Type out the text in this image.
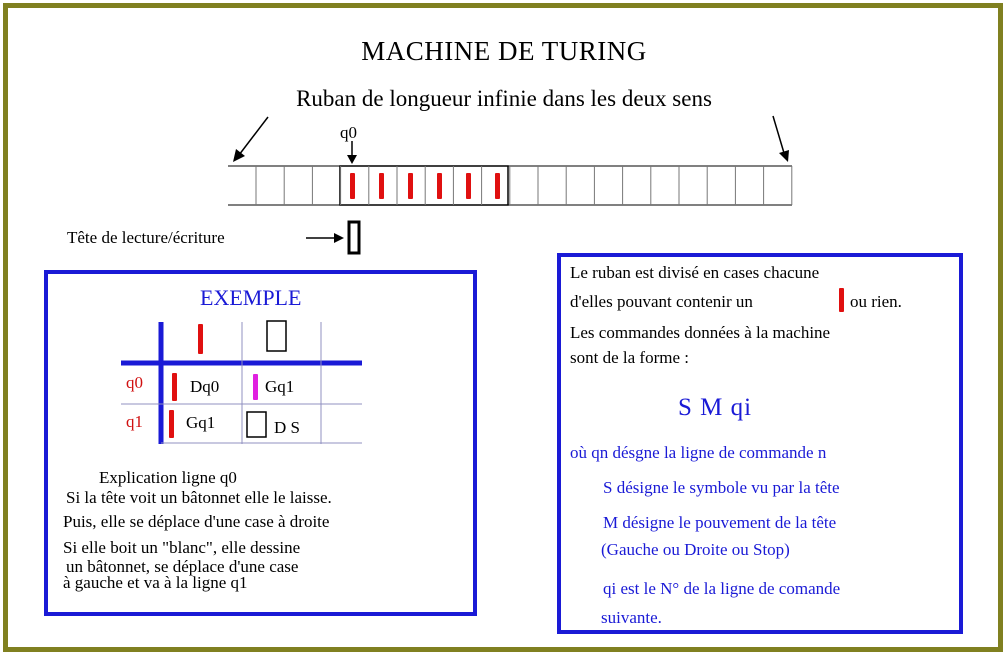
MACHINE DE TURING
Ruban de longueur infinie dans les deux sens
q0
Tête de lecture/écriture
EXEMPLE
q0	Dq0	Gq1
q1	Gq1	D S
Explication ligne q0
Si la tête voit un bâtonnet elle le laisse.
Puis, elle se déplace d'une case à droite
Si elle boit un "blanc", elle dessine
un bâtonnet, se déplace d'une case
à gauche et va à la ligne q1
Le ruban est divisé en cases chacune
d'elles pouvant contenir un	ou rien.
Les commandes données à la machine
sont de la forme :
S M qi
où qn désgne la ligne de commande n
S désigne le symbole vu par la tête
M désigne le pouvement de la tête
(Gauche ou Droite ou Stop)
qi est le N° de la ligne de comande
suivante.
